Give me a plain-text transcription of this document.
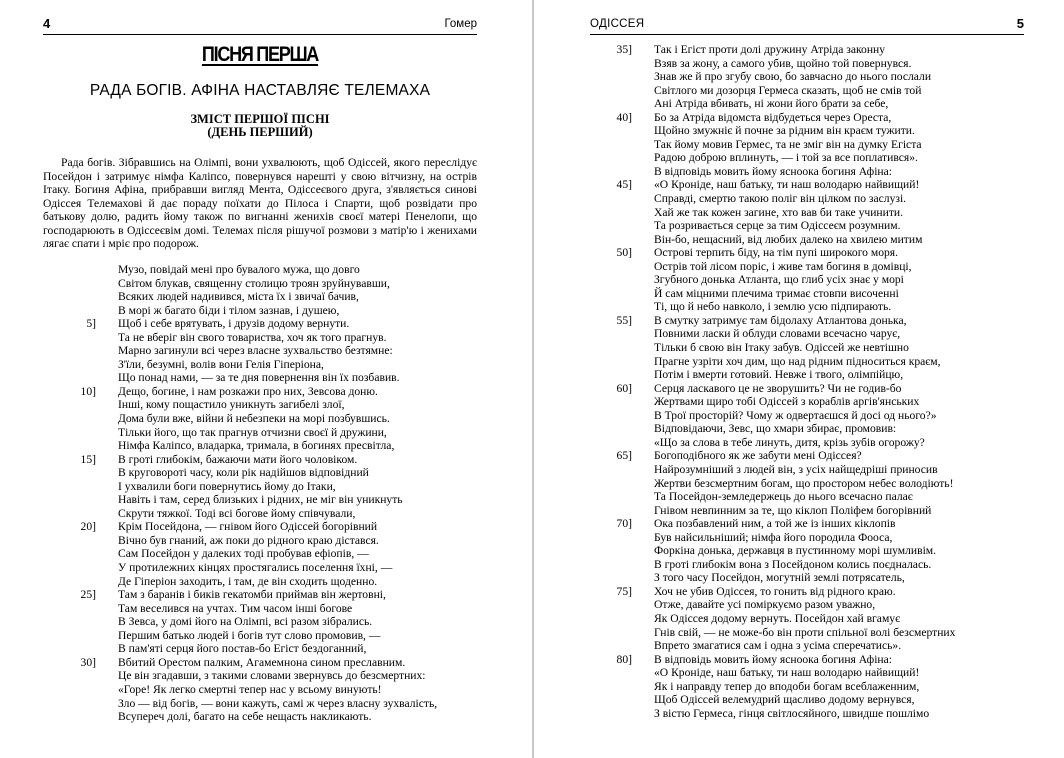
4	Гомер
ПІСНЯ ПЕРША
РАДА БОГІВ. АФІНА НАСТАВЛЯЄ ТЕЛЕМАХА
ЗМІСТ ПЕРШОЇ ПІСНІ
(ДЕНЬ ПЕРШИЙ)

Рада богів. Зібравшись на Олімпі, вони ухвалюють, щоб Одіссей, якого переслідує Посейдон і затримує німфа Каліпсо, повернувся нарешті у свою вітчизну, на острів Ітаку. Богиня Афіна, прибравши вигляд Мента, Одіссеєвого друга, з'являється синові Одіссея Телемахові й дає пораду поїхати до Пілоса і Спарти, щоб розвідати про батькову долю, радить йому також по вигнанні женихів своєї матері Пенелопи, що господарюють в Одіссеєвім домі. Телемах після рішучої розмови з матір'ю і женихами лягає спати і мріє про подорож.

Музо, повідай мені про бувалого мужа, що довго
Світом блукав, священну столицю троян зруйнувавши,
Всяких людей надивився, міста їх і звичаї бачив,
В морі ж багато біди і тілом зазнав, і душею,
5] Щоб і себе врятувать, і друзів додому вернути.
Та не вберіг він свого товариства, хоч як того прагнув.
Марно загинули всі через власне зухвальство безтямне:
З'їли, безумні, волів вони Гелія Гіперіона,
Що понад нами, — за те дня повернення він їх позбавив.
10] Дещо, богине, і нам розкажи про них, Зевсова доню.
Інші, кому пощастило уникнуть загибелі злої,
Дома були вже, війни й небезпеки на морі позбувшись.
Тільки його, що так прагнув отчизни своєї й дружини,
Німфа Каліпсо, владарка, тримала, в богинях пресвітла,
15] В гроті глибокім, бажаючи мати його чоловіком.
В круговороті часу, коли рік надійшов відповідний
І ухвалили боги повернутись йому до Ітаки,
Навіть і там, серед близьких і рідних, не міг він уникнуть
Скрути тяжкої. Тоді всі богове йому співчували,
20] Крім Посейдона, — гнівом його Одіссей богорівний
Вічно був гнаний, аж поки до рідного краю дістався.
Сам Посейдон у далеких тоді пробував ефіопів, —
У протилежних кінцях простягались поселення їхні, —
Де Гіперіон заходить, і там, де він сходить щоденно.
25] Там з баранів і биків гекатомби приймав він жертовні,
Там веселився на учтах. Тим часом інші богове
В Зевса, у домі його на Олімпі, всі разом зібрались.
Першим батько людей і богів тут слово промовив, —
В пам'яті серця його постав-бо Егіст бездоганний,
30] Вбитий Орестом палким, Агамемнона сином преславним.
Це він згадавши, з такими словами звернувсь до безсмертних:
«Горе! Як легко смертні тепер нас у всьому винують!
Зло — від богів, — вони кажуть, самі ж через власну зухвалість,
Всупереч долі, багато на себе нещасть накликають.
ОДІССЕЯ	5
35] Так і Егіст проти долі дружину Атріда законну
Взяв за жону, а самого убив, щойно той повернувся.
Знав же й про згубу свою, бо завчасно до нього послали
Світлого ми дозорця Гермеса сказать, щоб не смів той
Ані Атріда вбивать, ні жони його брати за себе,
40] Бо за Атріда відомста відбудеться через Ореста,
Щойно змужніє й почне за рідним він краєм тужити.
Так йому мовив Гермес, та не зміг він на думку Егіста
Радою доброю вплинуть, — і той за все поплатився».
В відповідь мовить йому ясноока богиня Афіна:
45] «О Кроніде, наш батьку, ти наш володарю найвищий!
Справді, смертю такою поліг він цілком по заслузі.
Хай же так кожен загине, хто вав би таке учинити.
Та розривається серце за тим Одіссеєм розумним.
Він-бо, нещасний, від любих далеко на хвилею митим
50] Острові терпить біду, на тім пупі широкого моря.
Острів той лісом поріс, і живе там богиня в домівці,
Згубного донька Атланта, що глиб усіх знає у морі
Й сам міцними плечима тримає стовпи височенні
Ті, що й небо навколо, і землю усю підпирають.
55] В смутку затримує там бідолаху Атлантова донька,
Повними ласки й облуди словами всечасно чарує,
Тільки б свою він Ітаку забув. Одіссей же невтішно
Прагне узріти хоч дим, що над рідним підноситься краєм,
Потім і вмерти готовий. Невже і твого, олімпійцю,
60] Серця ласкавого це не зворушить? Чи не годив-бо
Жертвами щиро тобі Одіссей з кораблів аргів'янських
В Трої просторій? Чому ж одвертаєшся й досі од нього?»
Відповідаючи, Зевс, що хмари збирає, промовив:
«Що за слова в тебе линуть, дитя, крізь зубів огорожу?
65] Богоподібного як же забути мені Одіссея?
Найрозумніший з людей він, з усіх найщедріші приносив
Жертви безсмертним богам, що простором небес володіють!
Та Посейдон-земледержець до нього всечасно палає
Гнівом невпинним за те, що кіклоп Поліфем богорівний
70] Ока позбавлений ним, а той же із інших кіклопів
Був найсильніший; німфа його породила Фооса,
Форкіна донька, державця в пустинному морі шумливім.
В гроті глибокім вона з Посейдоном колись поєдналась.
З того часу Посейдон, могутній землі потрясатель,
75] Хоч не убив Одіссея, то гонить від рідного краю.
Отже, давайте усі поміркуємо разом уважно,
Як Одіссея додому вернуть. Посейдон хай вгамує
Гнів свій, — не може-бо він проти спільної волі безсмертних
Впрето змагатися сам і одна з усіма сперечатись».
80] В відповідь мовить йому ясноока богиня Афіна:
«О Кроніде, наш батьку, ти наш володарю найвищий!
Як і направду тепер до вподоби богам всеблаженним,
Щоб Одіссей велемудрий щасливо додому вернувся,
З вістю Гермеса, гінця світлосяйного, швидше пошлімо
